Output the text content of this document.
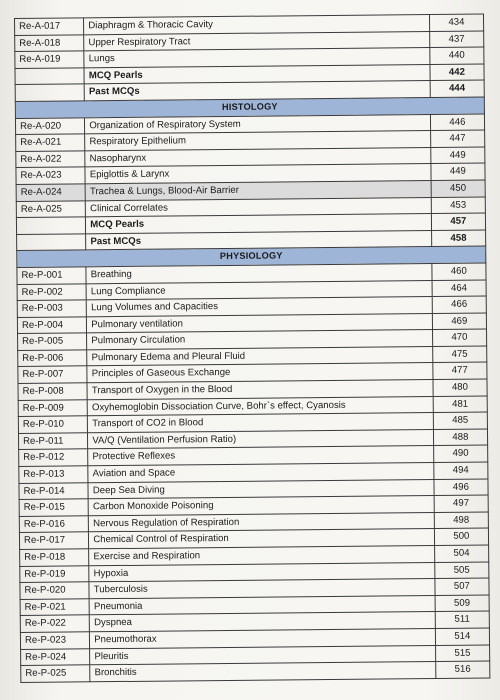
Re-A-017	Diaphragm & Thoracic Cavity	434
Re-A-018	Upper Respiratory Tract	437
Re-A-019	Lungs	440
	MCQ Pearls	442
	Past MCQs	444
HISTOLOGY		
Re-A-020	Organization of Respiratory System	446
Re-A-021	Respiratory Epithelium	447
Re-A-022	Nasopharynx	449
Re-A-023	Epiglottis & Larynx	449
Re-A-024	Trachea & Lungs, Blood-Air Barrier	450
Re-A-025	Clinical Correlates	453
	MCQ Pearls	457
	Past MCQs	458
PHYSIOLOGY		
Re-P-001	Breathing	460
Re-P-002	Lung Compliance	464
Re-P-003	Lung Volumes and Capacities	466
Re-P-004	Pulmonary ventilation	469
Re-P-005	Pulmonary Circulation	470
Re-P-006	Pulmonary Edema and Pleural Fluid	475
Re-P-007	Principles of Gaseous Exchange	477
Re-P-008	Transport of Oxygen in the Blood	480
Re-P-009	Oxyhemoglobin Dissociation Curve, Bohr`s effect, Cyanosis	481
Re-P-010	Transport of CO2 in Blood	485
Re-P-011	VA/Q (Ventilation Perfusion Ratio)	488
Re-P-012	Protective Reflexes	490
Re-P-013	Aviation and Space	494
Re-P-014	Deep Sea Diving	496
Re-P-015	Carbon Monoxide Poisoning	497
Re-P-016	Nervous Regulation of Respiration	498
Re-P-017	Chemical Control of Respiration	500
Re-P-018	Exercise and Respiration	504
Re-P-019	Hypoxia	505
Re-P-020	Tuberculosis	507
Re-P-021	Pneumonia	509
Re-P-022	Dyspnea	511
Re-P-023	Pneumothorax	514
Re-P-024	Pleuritis	515
Re-P-025	Bronchitis	516
